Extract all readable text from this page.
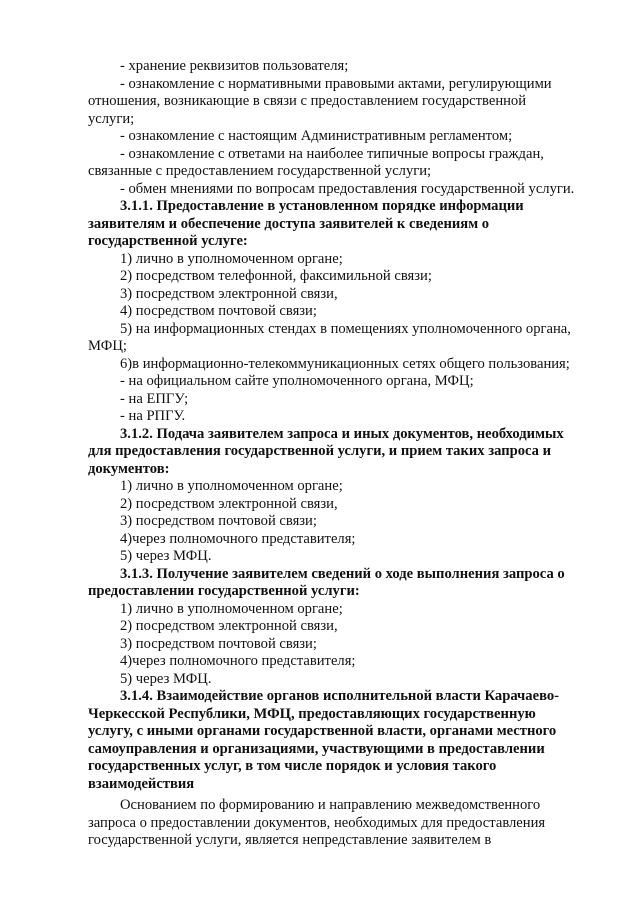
- хранение реквизитов пользователя;
- ознакомление с нормативными правовыми актами, регулирующими
отношения, возникающие в связи с предоставлением государственной
услуги;
- ознакомление с настоящим Административным регламентом;
- ознакомление с ответами на наиболее типичные вопросы граждан,
связанные с предоставлением государственной услуги;
- обмен мнениями по вопросам предоставления государственной услуги.
3.1.1. Предоставление в установленном порядке информации
заявителям и обеспечение доступа заявителей к сведениям о
государственной услуге:
1) лично в уполномоченном органе;
2) посредством телефонной, факсимильной связи;
3) посредством электронной связи,
4) посредством почтовой связи;
5) на информационных стендах в помещениях уполномоченного органа,
МФЦ;
6)в информационно-телекоммуникационных сетях общего пользования;
- на официальном сайте уполномоченного органа, МФЦ;
- на ЕПГУ;
- на РПГУ.
3.1.2. Подача заявителем запроса и иных документов, необходимых
для предоставления государственной услуги, и прием таких запроса и
документов:
1) лично в уполномоченном органе;
2) посредством электронной связи,
3) посредством почтовой связи;
4)через полномочного представителя;
5) через МФЦ.
3.1.3. Получение заявителем сведений о ходе выполнения запроса о
предоставлении государственной услуги:
1) лично в уполномоченном органе;
2) посредством электронной связи,
3) посредством почтовой связи;
4)через полномочного представителя;
5) через МФЦ.
3.1.4. Взаимодействие органов исполнительной власти Карачаево-
Черкесской Республики, МФЦ, предоставляющих государственную
услугу, с иными органами государственной власти, органами местного
самоуправления и организациями, участвующими в предоставлении
государственных услуг, в том числе порядок и условия такого
взаимодействия
Основанием по формированию и направлению межведомственного
запроса о предоставлении документов, необходимых для предоставления
государственной услуги, является непредставление заявителем в
